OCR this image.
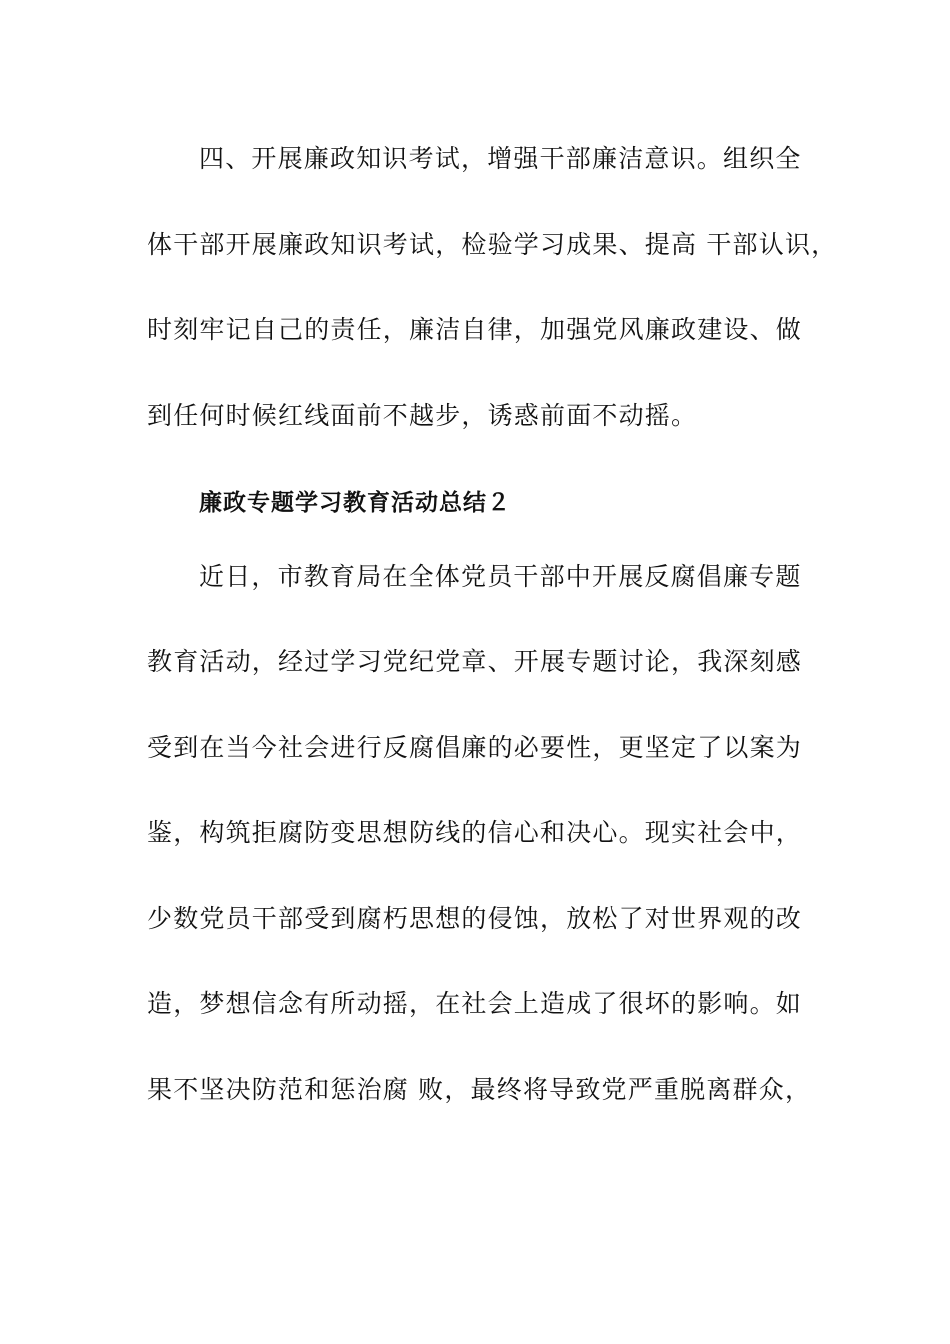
四、开展廉政知识考试，增强干部廉洁意识。组织全
体干部开展廉政知识考试，检验学习成果、提高 干部认识，
时刻牢记自己的责任，廉洁自律，加强党风廉政建设、做
到任何时候红线面前不越步，诱惑前面不动摇。
廉政专题学习教育活动总结２
近日，市教育局在全体党员干部中开展反腐倡廉专题
教育活动，经过学习党纪党章、开展专题讨论，我深刻感
受到在当今社会进行反腐倡廉的必要性，更坚定了以案为
鉴，构筑拒腐防变思想防线的信心和决心。现实社会中，
少数党员干部受到腐朽思想的侵蚀，放松了对世界观的改
造，梦想信念有所动摇，在社会上造成了很坏的影响。如
果不坚决防范和惩治腐 败，最终将导致党严重脱离群众，
